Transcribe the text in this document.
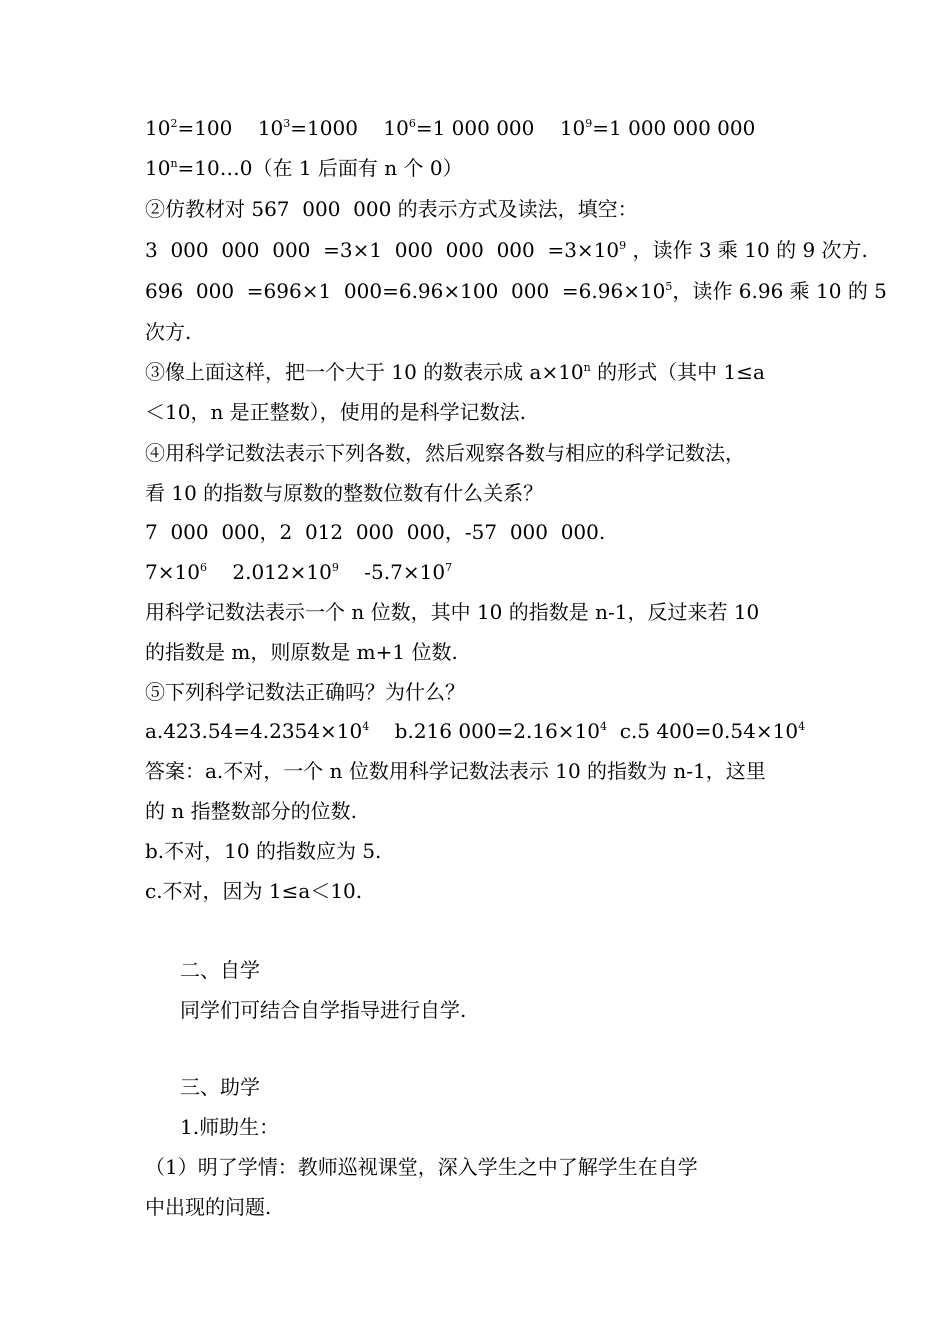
$10^2=100$ $10^3=1000$ $10^6=1$ 000 000 $10^9=1$ 000 000 000
$10^n=10\dots 0$（在 1 后面有 n 个 0）
②仿教材对 567  000  000 的表示方式及读法，填空：
3  000  000  000  =3×1  000  000  $000 =3\times 10^9$ ，读作 3 乘 10 的 9 次方.
696  000  =696×1  000=6.96×100  $000 =6.96\times 10^5$，读作 6.96 乘 10 的 5
次方.
③像上面这样，把一个大于 10 的数表示成 $a\times 10^n$ 的形式（其中 1≤a
＜10，n 是正整数），使用的是科学记数法.
④用科学记数法表示下列各数，然后观察各数与相应的科学记数法，
看 10 的指数与原数的整数位数有什么关系？
7  000  000，2  012  000  000，-57  000  000.
$7\times 10^6$ $2.012\times 10^9$ $-5.7\times 10^7$
用科学记数法表示一个 n 位数，其中 10 的指数是 n-1，反过来若 10
的指数是 m，则原数是 m+1 位数.
⑤下列科学记数法正确吗？为什么？
$a.423.54=4.2354\times 10^4$ b.216 $000=2.16\times 10^4$ c.5 $400=0.54\times 10^4$
答案：a.不对，一个 n 位数用科学记数法表示 10 的指数为 n-1，这里
的 n 指整数部分的位数.
b.不对，10 的指数应为 5.
c.不对，因为 1≤a＜10.
二、自学
同学们可结合自学指导进行自学.
三、助学
1.师助生：
（1）明了学情：教师巡视课堂，深入学生之中了解学生在自学
中出现的问题.
